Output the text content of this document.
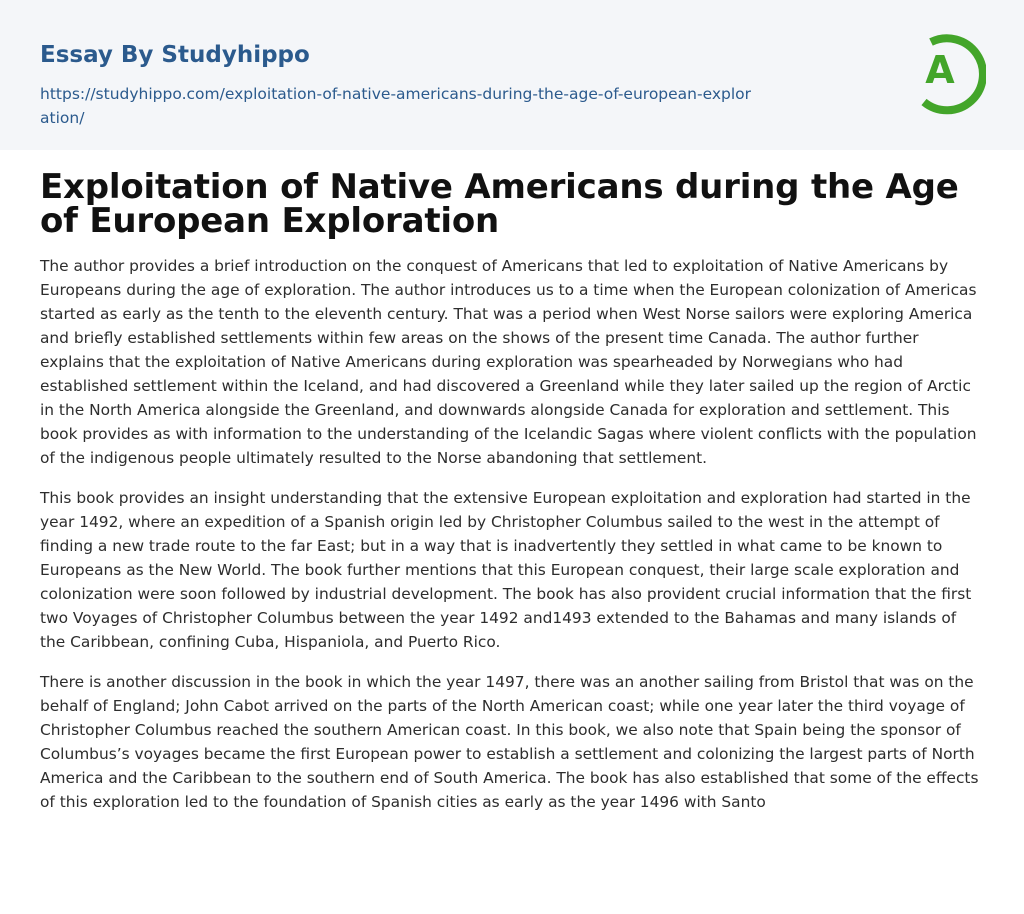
Essay By Studyhippo
https://studyhippo.com/exploitation-of-native-americans-during-the-age-of-european-exploration/
A
Exploitation of Native Americans during the Age of European Exploration

The author provides a brief introduction on the conquest of Americans that led to exploitation of Native Americans by Europeans during the age of exploration. The author introduces us to a time when the European colonization of Americas started as early as the tenth to the eleventh century. That was a period when West Norse sailors were exploring America and briefly established settlements within few areas on the shows of the present time Canada. The author further explains that the exploitation of Native Americans during exploration was spearheaded by Norwegians who had established settlement within the Iceland, and had discovered a Greenland while they later sailed up the region of Arctic in the North America alongside the Greenland, and downwards alongside Canada for exploration and settlement. This book provides as with information to the understanding of the Icelandic Sagas where violent conflicts with the population of the indigenous people ultimately resulted to the Norse abandoning that settlement.

This book provides an insight understanding that the extensive European exploitation and exploration had started in the year 1492, where an expedition of a Spanish origin led by Christopher Columbus sailed to the west in the attempt of finding a new trade route to the far East; but in a way that is inadvertently they settled in what came to be known to Europeans as the New World. The book further mentions that this European conquest, their large scale exploration and colonization were soon followed by industrial development. The book has also provident crucial information that the first two Voyages of Christopher Columbus between the year 1492 and1493 extended to the Bahamas and many islands of the Caribbean, confining Cuba, Hispaniola, and Puerto Rico.

There is another discussion in the book in which the year 1497, there was an another sailing from Bristol that was on the behalf of England; John Cabot arrived on the parts of the North American coast; while one year later the third voyage of Christopher Columbus reached the southern American coast. In this book, we also note that Spain being the sponsor of Columbus’s voyages became the first European power to establish a settlement and colonizing the largest parts of North America and the Caribbean to the southern end of South America. The book has also established that some of the effects of this exploration led to the foundation of Spanish cities as early as the year 1496 with Santo
